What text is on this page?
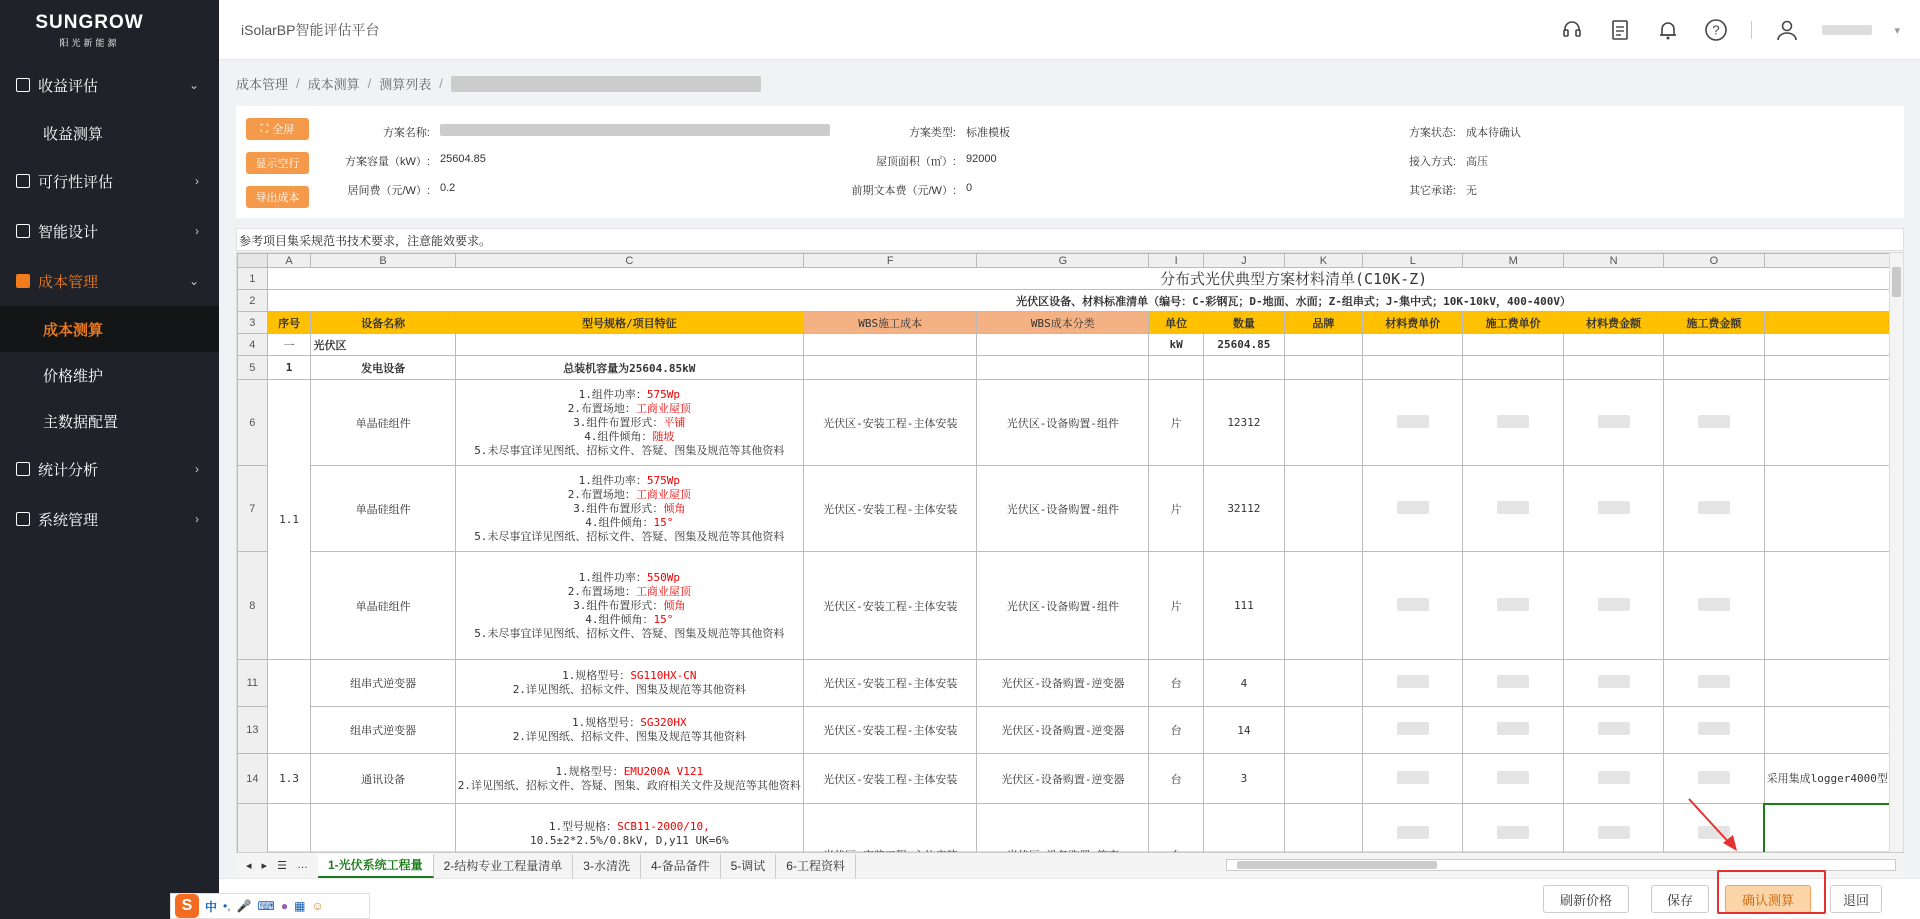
SUNGROW
阳光新能源
收益评估	⌄
收益测算
可行性评估	›
智能设计	›
成本管理	⌄
成本测算
价格维护
主数据配置
统计分析	›
系统管理	›
iSolarBP智能评估平台	?	▾
成本管理 / 成本测算 / 测算列表 /
⛶ 全屏
显示空行
导出成本
方案名称:
方案容量（kW）: 25604.85
居间费（元/W）: 0.2
方案类型: 标准模板
屋顶面积（㎡）: 92000
前期文本费（元/W）: 0
方案状态: 成本待确认
接入方式: 高压
其它承诺: 无
参考项目集采规范书技术要求，注意能效要求。
	A	B	C	F	G	I	J	K	L	M	N	O	
1	分布式光伏典型方案材料清单(C10K-Z)												
2	光伏区设备、材料标准清单（编号：C-彩钢瓦；D-地面、水面；Z-组串式；J-集中式；10K-10kV，400-400V）												
3	序号	设备名称	型号规格/项目特征	WBS施工成本	WBS成本分类	单位	数量	品牌	材料费单价	施工费单价	材料费金额	施工费金额	
4	一	光伏区				kW	25604.85						
5	1	发电设备	总装机容量为25604.85kW										
6	1.1	单晶硅组件	1.组件功率：575Wp
2.布置场地：工商业屋顶
3.组件布置形式：平铺
4.组件倾角：随坡
5.未尽事宜详见图纸、招标文件、答疑、图集及规范等其他资料	光伏区-安装工程-主体安装	光伏区-设备购置-组件	片	12312						
7		单晶硅组件	1.组件功率：575Wp
2.布置场地：工商业屋顶
3.组件布置形式：倾角
4.组件倾角：15°
5.未尽事宜详见图纸、招标文件、答疑、图集及规范等其他资料	光伏区-安装工程-主体安装	光伏区-设备购置-组件	片	32112						
8		单晶硅组件	1.组件功率：550Wp
2.布置场地：工商业屋顶
3.组件布置形式：倾角
4.组件倾角：15°
5.未尽事宜详见图纸、招标文件、答疑、图集及规范等其他资料	光伏区-安装工程-主体安装	光伏区-设备购置-组件	片	111						
11		组串式逆变器	1.规格型号：SG110HX-CN
2.详见图纸、招标文件、图集及规范等其他资料	光伏区-安装工程-主体安装	光伏区-设备购置-逆变器	台	4						
13		组串式逆变器	1.规格型号：SG320HX
2.详见图纸、招标文件、图集及规范等其他资料	光伏区-安装工程-主体安装	光伏区-设备购置-逆变器	台	14						
14	1.3	通讯设备	1.规格型号：EMU200A V121
2.详见图纸、招标文件、答疑、图集、政府相关文件及规范等其他资料	光伏区-安装工程-主体安装	光伏区-设备购置-逆变器	台	3						采用集成logger4000型

1.型号规格：SCB11-2000/10,
10.5±2*2.5%/0.8kV, D,y11 UK=6%

◂ ▸ ☰ …	1-光伏系统工程量	2-结构专业工程量清单	3-水清洗	4-备品备件	5-调试	6-工程资料
刷新价格	保存	确认测算	退回
S	中 •, 🎤 ⌨ ● ▦ ☺
